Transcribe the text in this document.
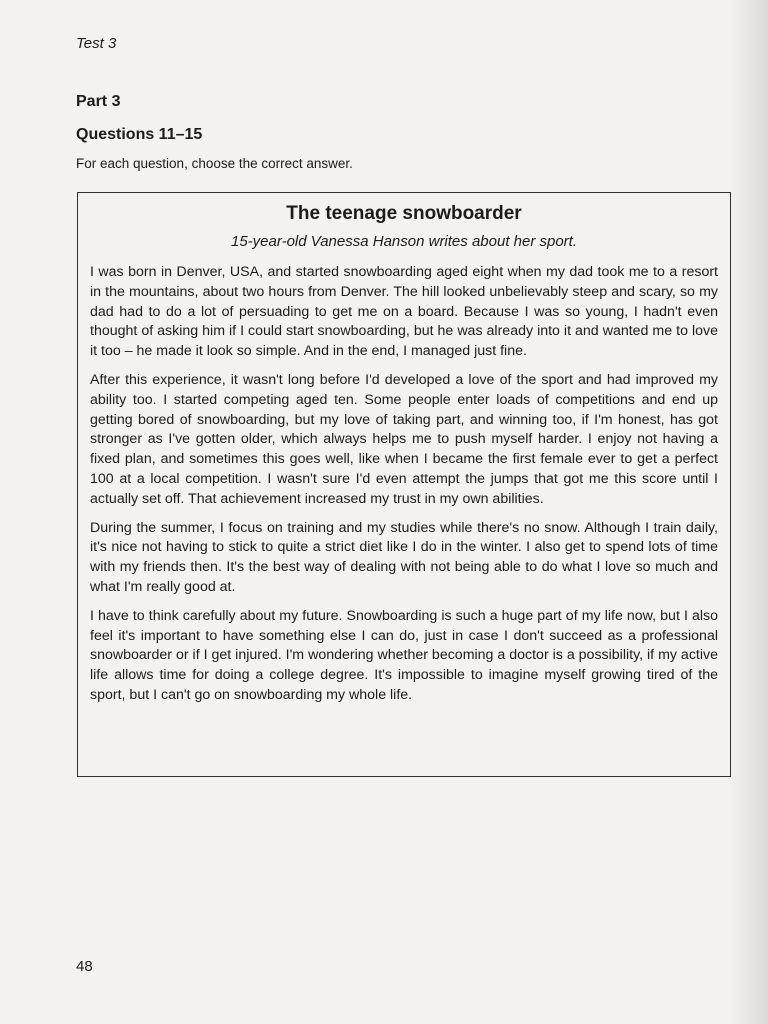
Test 3
Part 3
Questions 11–15
For each question, choose the correct answer.
The teenage snowboarder
15-year-old Vanessa Hanson writes about her sport.

I was born in Denver, USA, and started snowboarding aged eight when my dad took me to a resort in the mountains, about two hours from Denver. The hill looked unbelievably steep and scary, so my dad had to do a lot of persuading to get me on a board. Because I was so young, I hadn't even thought of asking him if I could start snowboarding, but he was already into it and wanted me to love it too – he made it look so simple. And in the end, I managed just fine.

After this experience, it wasn't long before I'd developed a love of the sport and had improved my ability too. I started competing aged ten. Some people enter loads of competitions and end up getting bored of snowboarding, but my love of taking part, and winning too, if I'm honest, has got stronger as I've gotten older, which always helps me to push myself harder. I enjoy not having a fixed plan, and sometimes this goes well, like when I became the first female ever to get a perfect 100 at a local competition. I wasn't sure I'd even attempt the jumps that got me this score until I actually set off. That achievement increased my trust in my own abilities.

During the summer, I focus on training and my studies while there's no snow. Although I train daily, it's nice not having to stick to quite a strict diet like I do in the winter. I also get to spend lots of time with my friends then. It's the best way of dealing with not being able to do what I love so much and what I'm really good at.

I have to think carefully about my future. Snowboarding is such a huge part of my life now, but I also feel it's important to have something else I can do, just in case I don't succeed as a professional snowboarder or if I get injured. I'm wondering whether becoming a doctor is a possibility, if my active life allows time for doing a college degree. It's impossible to imagine myself growing tired of the sport, but I can't go on snowboarding my whole life.

48
